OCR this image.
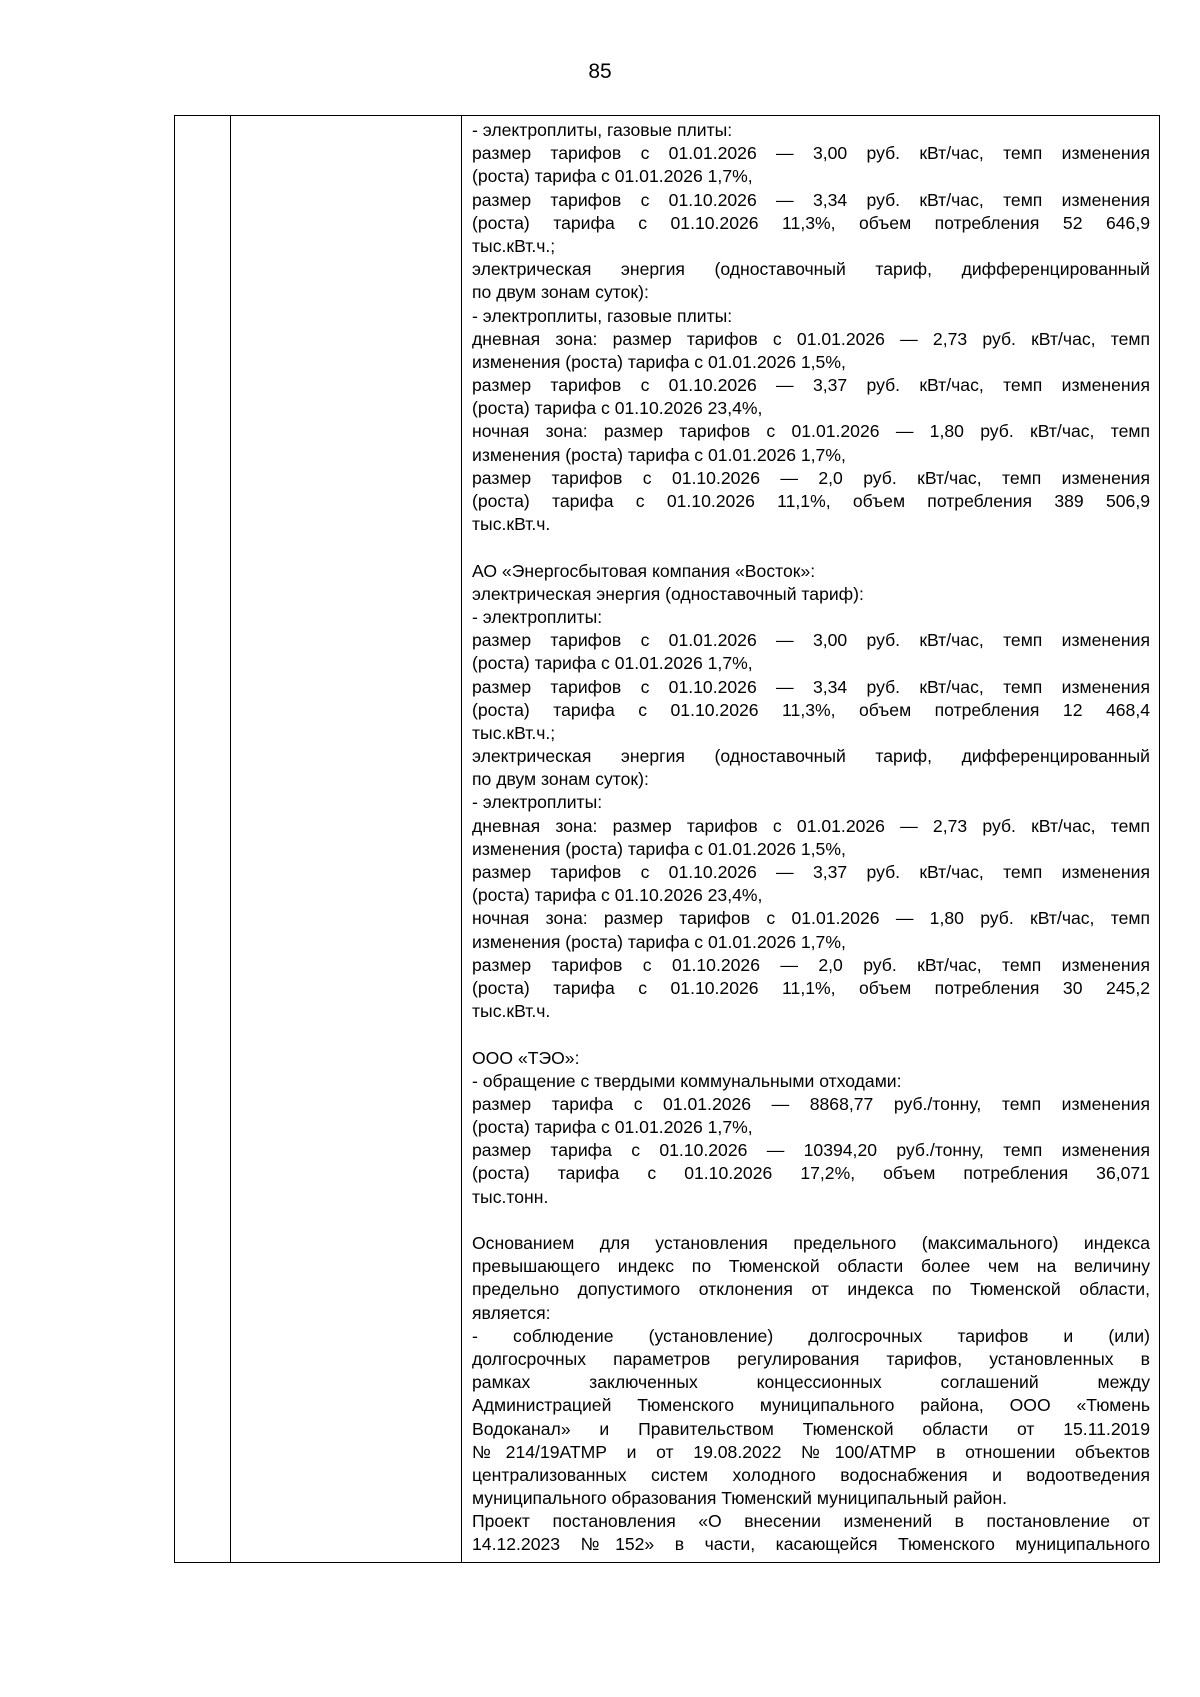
85
- электроплиты, газовые плиты:
размер тарифов с 01.01.2026 — 3,00 руб. кВт/час, темп изменения
(роста) тарифа с 01.01.2026 1,7%,
размер тарифов с 01.10.2026 — 3,34 руб. кВт/час, темп изменения
(роста) тарифа с 01.10.2026 11,3%, объем потребления 52 646,9
тыс.кВт.ч.;
электрическая энергия (одноставочный тариф, дифференцированный
по двум зонам суток):
- электроплиты, газовые плиты:
дневная зона: размер тарифов с 01.01.2026 — 2,73 руб. кВт/час, темп
изменения (роста) тарифа с 01.01.2026 1,5%,
размер тарифов с 01.10.2026 — 3,37 руб. кВт/час, темп изменения
(роста) тарифа с 01.10.2026 23,4%,
ночная зона: размер тарифов с 01.01.2026 — 1,80 руб. кВт/час, темп
изменения (роста) тарифа с 01.01.2026 1,7%,
размер тарифов с 01.10.2026 — 2,0 руб. кВт/час, темп изменения
(роста) тарифа с 01.10.2026 11,1%, объем потребления 389 506,9
тыс.кВт.ч.
АО «Энергосбытовая компания «Восток»:
электрическая энергия (одноставочный тариф):
- электроплиты:
размер тарифов с 01.01.2026 — 3,00 руб. кВт/час, темп изменения
(роста) тарифа с 01.01.2026 1,7%,
размер тарифов с 01.10.2026 — 3,34 руб. кВт/час, темп изменения
(роста) тарифа с 01.10.2026 11,3%, объем потребления 12 468,4
тыс.кВт.ч.;
электрическая энергия (одноставочный тариф, дифференцированный
по двум зонам суток):
- электроплиты:
дневная зона: размер тарифов с 01.01.2026 — 2,73 руб. кВт/час, темп
изменения (роста) тарифа с 01.01.2026 1,5%,
размер тарифов с 01.10.2026 — 3,37 руб. кВт/час, темп изменения
(роста) тарифа с 01.10.2026 23,4%,
ночная зона: размер тарифов с 01.01.2026 — 1,80 руб. кВт/час, темп
изменения (роста) тарифа с 01.01.2026 1,7%,
размер тарифов с 01.10.2026 — 2,0 руб. кВт/час, темп изменения
(роста) тарифа с 01.10.2026 11,1%, объем потребления 30 245,2
тыс.кВт.ч.
ООО «ТЭО»:
- обращение с твердыми коммунальными отходами:
размер тарифа с 01.01.2026 — 8868,77 руб./тонну, темп изменения
(роста) тарифа с 01.01.2026 1,7%,
размер тарифа с 01.10.2026 — 10394,20 руб./тонну, темп изменения
(роста) тарифа с 01.10.2026 17,2%, объем потребления 36,071
тыс.тонн.
Основанием для установления предельного (максимального) индекса
превышающего индекс по Тюменской области более чем на величину
предельно допустимого отклонения от индекса по Тюменской области,
является:
- соблюдение (установление) долгосрочных тарифов и (или)
долгосрочных параметров регулирования тарифов, установленных в
рамках заключенных концессионных соглашений между
Администрацией Тюменского муниципального района, ООО «Тюмень
Водоканал» и Правительством Тюменской области от 15.11.2019
№214/19АТМР и от 19.08.2022 №100/АТМР в отношении объектов
централизованных систем холодного водоснабжения и водоотведения
муниципального образования Тюменский муниципальный район.
Проект постановления «О внесении изменений в постановление от
14.12.2023 №152» в части, касающейся Тюменского муниципального
